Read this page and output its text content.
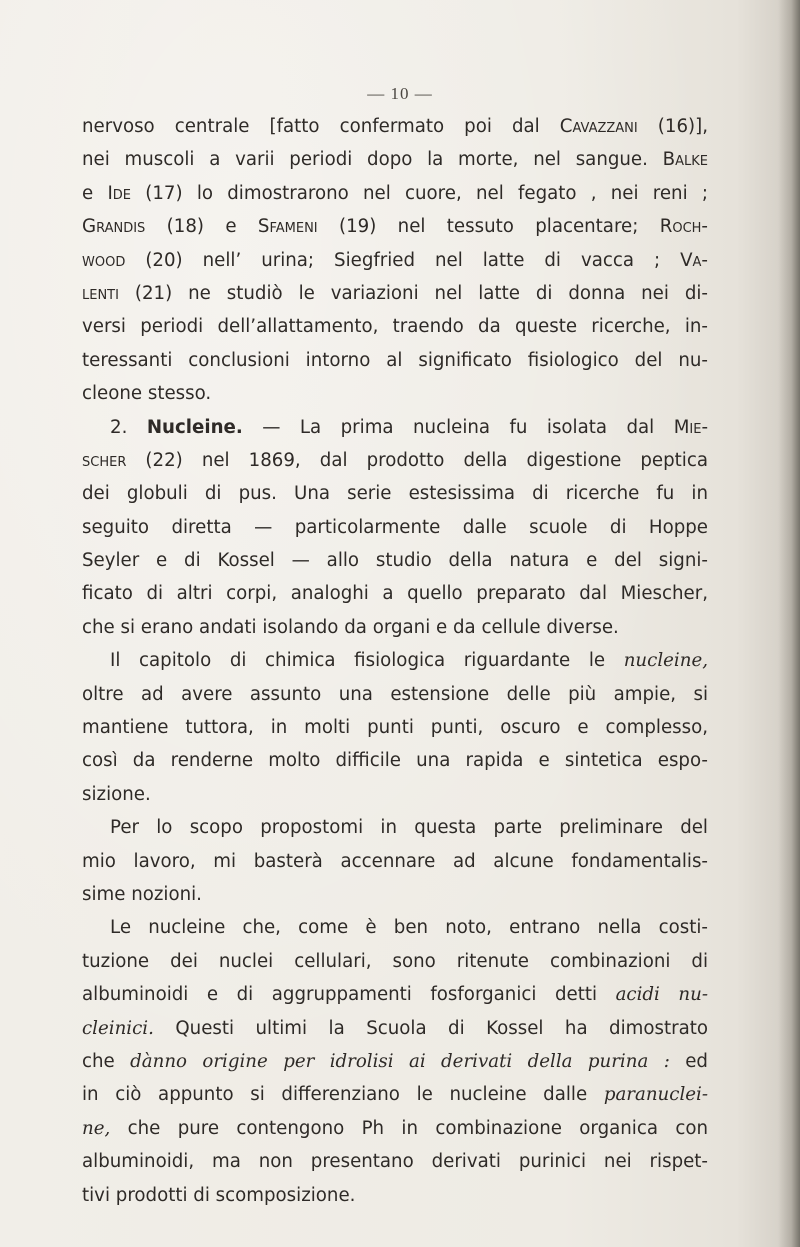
— 10 —
nervoso centrale [fatto confermato poi dal Cavazzani (16)],
nei muscoli a varii periodi dopo la morte, nel sangue. Balke
e Ide (17) lo dimostrarono nel cuore, nel fegato , nei reni ;
Grandis (18) e Sfameni (19) nel tessuto placentare; Roch-
wood (20) nell’ urina; Siegfried nel latte di vacca ; Va-
lenti (21) ne studiò le variazioni nel latte di donna nei di-
versi periodi dell’allattamento, traendo da queste ricerche, in-
teressanti conclusioni intorno al significato fisiologico del nu-
cleone stesso.
2. Nucleine. — La prima nucleina fu isolata dal Mie-
scher (22) nel 1869, dal prodotto della digestione peptica
dei globuli di pus. Una serie estesissima di ricerche fu in
seguito diretta — particolarmente dalle scuole di Hoppe
Seyler e di Kossel — allo studio della natura e del signi-
ficato di altri corpi, analoghi a quello preparato dal Miescher,
che si erano andati isolando da organi e da cellule diverse.
Il capitolo di chimica fisiologica riguardante le nucleine,
oltre ad avere assunto una estensione delle più ampie, si
mantiene tuttora, in molti punti punti, oscuro e complesso,
così da renderne molto difficile una rapida e sintetica espo-
sizione.
Per lo scopo propostomi in questa parte preliminare del
mio lavoro, mi basterà accennare ad alcune fondamentalis-
sime nozioni.
Le nucleine che, come è ben noto, entrano nella costi-
tuzione dei nuclei cellulari, sono ritenute combinazioni di
albuminoidi e di aggruppamenti fosforganici detti acidi nu-
cleinici. Questi ultimi la Scuola di Kossel ha dimostrato
che dànno origine per idrolisi ai derivati della purina : ed
in ciò appunto si differenziano le nucleine dalle paranuclei-
ne, che pure contengono Ph in combinazione organica con
albuminoidi, ma non presentano derivati purinici nei rispet-
tivi prodotti di scomposizione.
